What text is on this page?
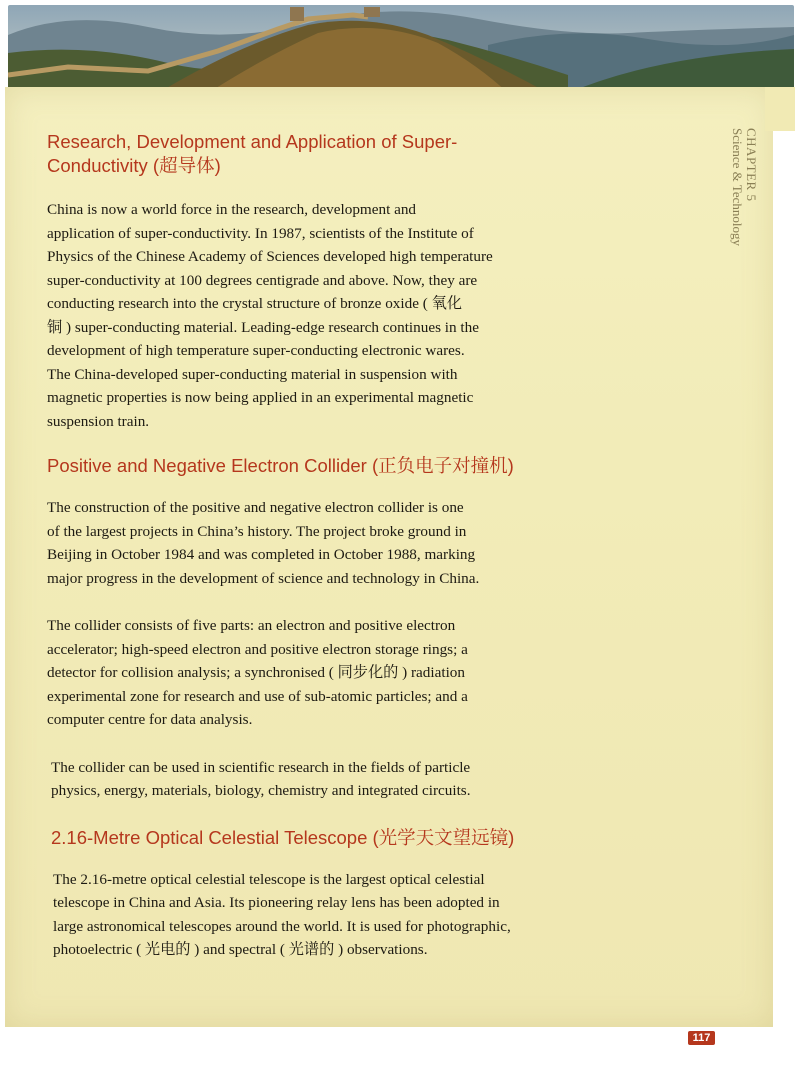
CHAPTER 5
Science & Technology
Research, Development and Application of Super-
Conductivity (超导体)

China is now a world force in the research, development and
application of super-conductivity. In 1987, scientists of the Institute of
Physics of the Chinese Academy of Sciences developed high temperature
super-conductivity at 100 degrees centigrade and above. Now, they are
conducting research into the crystal structure of bronze oxide ( 氧化
铜 ) super-conducting material. Leading-edge research continues in the
development of high temperature super-conducting electronic wares.
The China-developed super-conducting material in suspension with
magnetic properties is now being applied in an experimental magnetic
suspension train.

Positive and Negative Electron Collider (正负电子对撞机)

The construction of the positive and negative electron collider is one
of the largest projects in China’s history. The project broke ground in
Beijing in October 1984 and was completed in October 1988, marking
major progress in the development of science and technology in China.

The collider consists of five parts: an electron and positive electron
accelerator; high-speed electron and positive electron storage rings; a
detector for collision analysis; a synchronised ( 同步化的 ) radiation
experimental zone for research and use of sub-atomic particles; and a
computer centre for data analysis.

The collider can be used in scientific research in the fields of particle
physics, energy, materials, biology, chemistry and integrated circuits.

2.16-Metre Optical Celestial Telescope (光学天文望远镜)

The 2.16-metre optical celestial telescope is the largest optical celestial
telescope in China and Asia. Its pioneering relay lens has been adopted in
large astronomical telescopes around the world. It is used for photographic,
photoelectric ( 光电的 ) and spectral ( 光谱的 ) observations.

117
